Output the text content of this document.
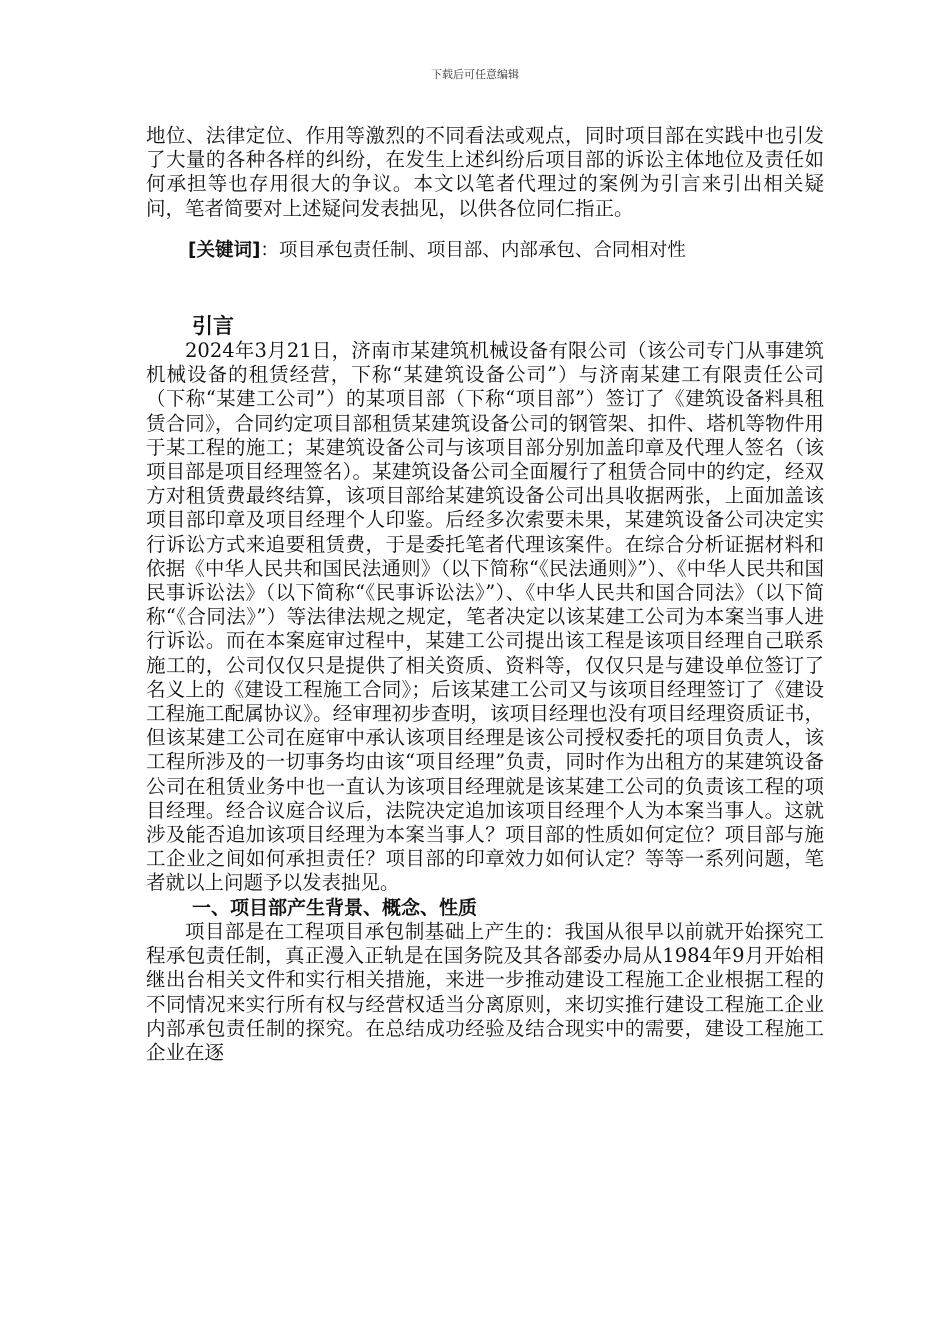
下载后可任意编辑

地位、法律定位、作用等激烈的不同看法或观点，同时项目部在实践中也引发了大量的各种各样的纠纷，在发生上述纠纷后项目部的诉讼主体地位及责任如何承担等也存用很大的争议。本文以笔者代理过的案例为引言来引出相关疑问，笔者简要对上述疑问发表拙见，以供各位同仁指正。

[关键词]：项目承包责任制、项目部、内部承包、合同相对性

引言

2024年3月21日，济南市某建筑机械设备有限公司（该公司专门从事建筑机械设备的租赁经营，下称“某建筑设备公司”）与济南某建工有限责任公司（下称“某建工公司”）的某项目部（下称“项目部”）签订了《建筑设备料具租赁合同》，合同约定项目部租赁某建筑设备公司的钢管架、扣件、塔机等物件用于某工程的施工；某建筑设备公司与该项目部分别加盖印章及代理人签名（该项目部是项目经理签名）。某建筑设备公司全面履行了租赁合同中的约定，经双方对租赁费最终结算，该项目部给某建筑设备公司出具收据两张，上面加盖该项目部印章及项目经理个人印鉴。后经多次索要未果，某建筑设备公司决定实行诉讼方式来追要租赁费，于是委托笔者代理该案件。在综合分析证据材料和依据《中华人民共和国民法通则》（以下简称“《民法通则》”）、《中华人民共和国民事诉讼法》（以下简称“《民事诉讼法》”）、《中华人民共和国合同法》（以下简称“《合同法》”）等法律法规之规定，笔者决定以该某建工公司为本案当事人进行诉讼。而在本案庭审过程中，某建工公司提出该工程是该项目经理自己联系施工的，公司仅仅只是提供了相关资质、资料等，仅仅只是与建设单位签订了名义上的《建设工程施工合同》；后该某建工公司又与该项目经理签订了《建设工程施工配属协议》。经审理初步查明，该项目经理也没有项目经理资质证书，但该某建工公司在庭审中承认该项目经理是该公司授权委托的项目负责人，该工程所涉及的一切事务均由该“项目经理”负责，同时作为出租方的某建筑设备公司在租赁业务中也一直认为该项目经理就是该某建工公司的负责该工程的项目经理。经合议庭合议后，法院决定追加该项目经理个人为本案当事人。这就涉及能否追加该项目经理为本案当事人？项目部的性质如何定位？项目部与施工企业之间如何承担责任？项目部的印章效力如何认定？等等一系列问题，笔者就以上问题予以发表拙见。

一、项目部产生背景、概念、性质

项目部是在工程项目承包制基础上产生的：我国从很早以前就开始探究工程承包责任制，真正漫入正轨是在国务院及其各部委办局从1984年9月开始相继出台相关文件和实行相关措施，来进一步推动建设工程施工企业根据工程的不同情况来实行所有权与经营权适当分离原则，来切实推行建设工程施工企业内部承包责任制的探究。在总结成功经验及结合现实中的需要，建设工程施工企业在逐
